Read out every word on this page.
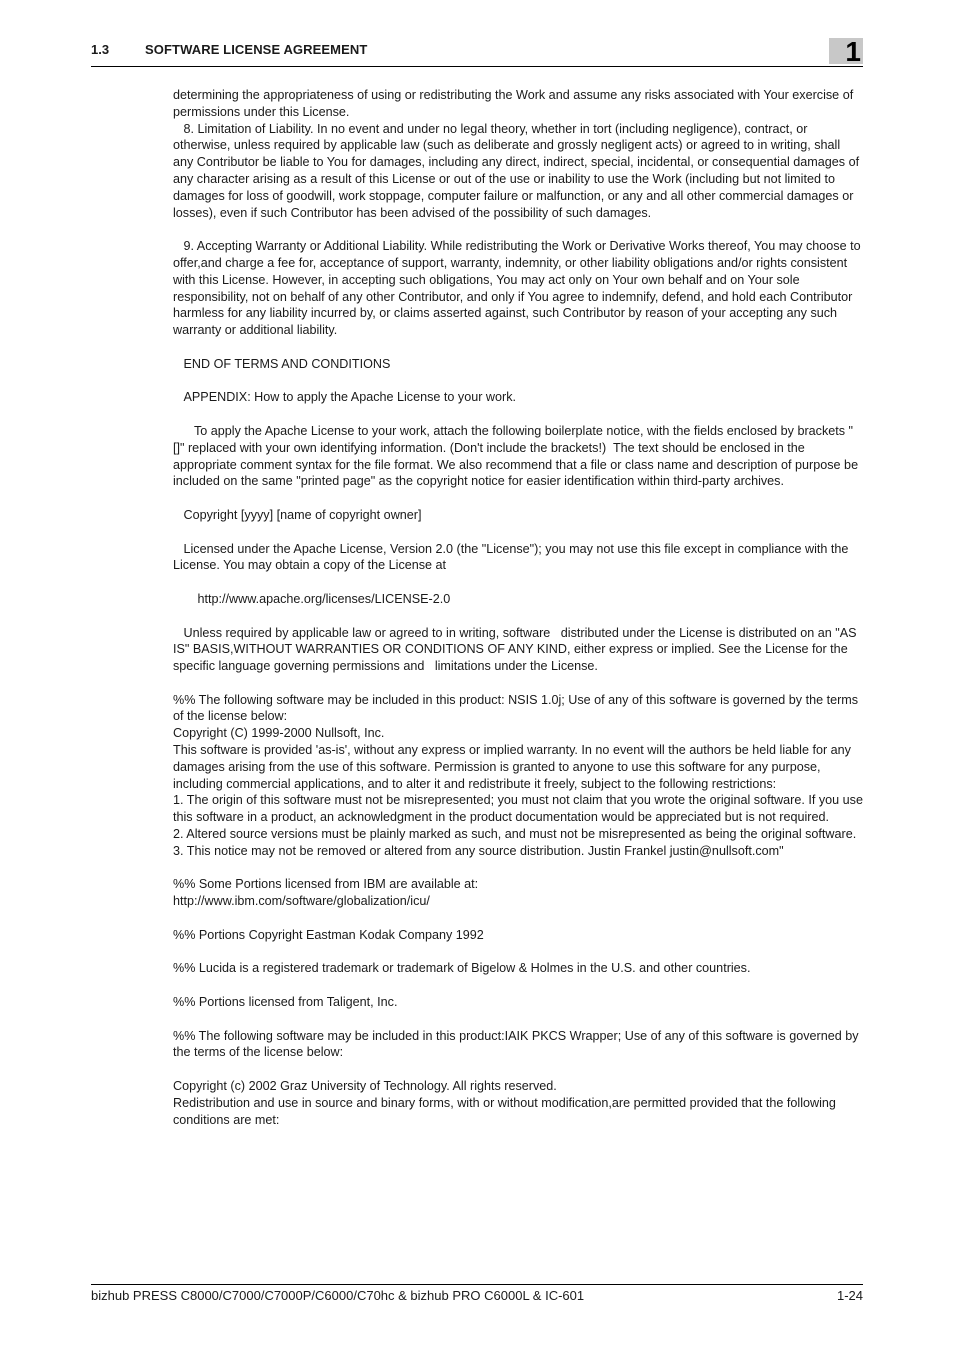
1.3	SOFTWARE LICENSE AGREEMENT	1

determining the appropriateness of using or redistributing the Work and assume any risks associated with Your exercise of permissions under this License.

8. Limitation of Liability. In no event and under no legal theory, whether in tort (including negligence), contract, or otherwise, unless required by applicable law (such as deliberate and grossly negligent acts) or agreed to in writing, shall any Contributor be liable to You for damages, including any direct, indirect, special, incidental, or consequential damages of any character arising as a result of this License or out of the use or inability to use the Work (including but not limited to damages for loss of goodwill, work stoppage, computer failure or malfunction, or any and all other commercial damages or losses), even if such Contributor has been advised of the possibility of such damages.

9. Accepting Warranty or Additional Liability. While redistributing the Work or Derivative Works thereof, You may choose to offer,and charge a fee for, acceptance of support, warranty, indemnity, or other liability obligations and/or rights consistent with this License. However, in accepting such obligations, You may act only on Your own behalf and on Your sole responsibility, not on behalf of any other Contributor, and only if You agree to indemnify, defend, and hold each Contributor harmless for any liability incurred by, or claims asserted against, such Contributor by reason of your accepting any such warranty or additional liability.

END OF TERMS AND CONDITIONS

APPENDIX: How to apply the Apache License to your work.

To apply the Apache License to your work, attach the following boilerplate notice, with the fields enclosed by brackets "[]" replaced with your own identifying information. (Don't include the brackets!)  The text should be enclosed in the appropriate comment syntax for the file format. We also recommend that a file or class name and description of purpose be included on the same "printed page" as the copyright notice for easier identification within third-party archives.

Copyright [yyyy] [name of copyright owner]

Licensed under the Apache License, Version 2.0 (the "License"); you may not use this file except in compliance with the License. You may obtain a copy of the License at

http://www.apache.org/licenses/LICENSE-2.0

Unless required by applicable law or agreed to in writing, software   distributed under the License is distributed on an "AS IS" BASIS,WITHOUT WARRANTIES OR CONDITIONS OF ANY KIND, either express or implied. See the License for the specific language governing permissions and   limitations under the License.

%% The following software may be included in this product: NSIS 1.0j; Use of any of this software is governed by the terms of the license below:

Copyright (C) 1999-2000 Nullsoft, Inc.

This software is provided 'as-is', without any express or implied warranty. In no event will the authors be held liable for any damages arising from the use of this software. Permission is granted to anyone to use this software for any purpose, including commercial applications, and to alter it and redistribute it freely, subject to the following restrictions:

1. The origin of this software must not be misrepresented; you must not claim that you wrote the original software. If you use this software in a product, an acknowledgment in the product documentation would be appreciated but is not required.

2. Altered source versions must be plainly marked as such, and must not be misrepresented as being the original software.

3. This notice may not be removed or altered from any source distribution. Justin Frankel justin@nullsoft.com"

%% Some Portions licensed from IBM are available at:

http://www.ibm.com/software/globalization/icu/

%% Portions Copyright Eastman Kodak Company 1992

%% Lucida is a registered trademark or trademark of Bigelow & Holmes in the U.S. and other countries.

%% Portions licensed from Taligent, Inc.

%% The following software may be included in this product:IAIK PKCS Wrapper; Use of any of this software is governed by the terms of the license below:

Copyright (c) 2002 Graz University of Technology. All rights reserved.

Redistribution and use in source and binary forms, with or without modification,are permitted provided that the following conditions are met:

bizhub PRESS C8000/C7000/C7000P/C6000/C70hc & bizhub PRO C6000L & IC-601	1-24
